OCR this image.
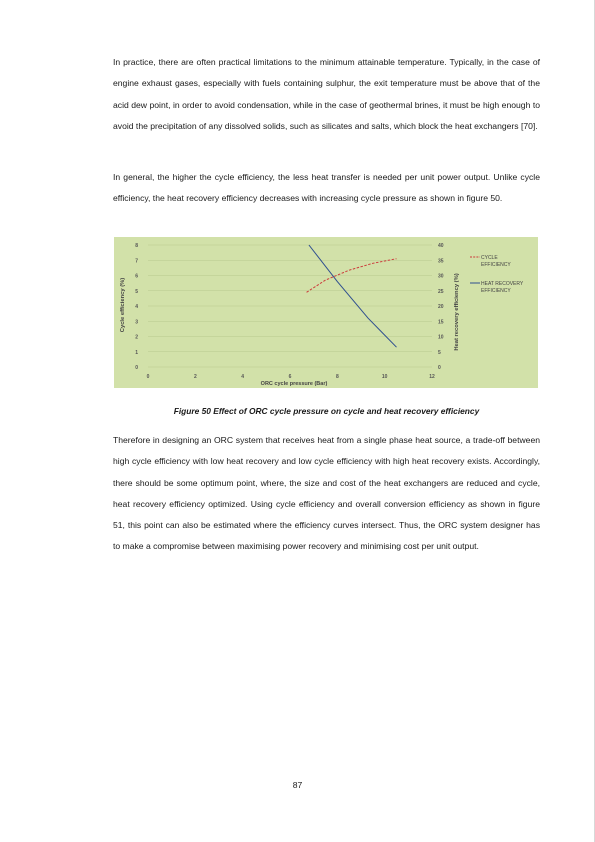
In practice, there are often practical limitations to the minimum attainable temperature. Typically, in the case of engine exhaust gases, especially with fuels containing sulphur, the exit temperature must be above that of the acid dew point, in order to avoid condensation, while in the case of geothermal brines, it must be high enough to avoid the precipitation of any dissolved solids, such as silicates and salts, which block the heat exchangers [70].

In general, the higher the cycle efficiency, the less heat transfer is needed per unit power output. Unlike cycle efficiency, the heat recovery efficiency decreases with increasing cycle pressure as shown in figure 50.

0
1
2
3
4
5
6
7
8
0
5
10
15
20
25
30
35
40
0	2	4	6	8	10	12
ORC cycle pressure (Bar)
Cycle efficiency (%)	Heat recovery efficiency (%)
CYCLE
EFFICIENCY
HEAT RECOVERY
EFFICIENCY

Figure 50 Effect of ORC cycle pressure on cycle and heat recovery efficiency

Therefore in designing an ORC system that receives heat from a single phase heat source, a trade-off between high cycle efficiency with low heat recovery and low cycle efficiency with high heat recovery exists. Accordingly, there should be some optimum point, where, the size and cost of the heat exchangers are reduced and cycle, heat recovery efficiency optimized. Using cycle efficiency and overall conversion efficiency as shown in figure 51, this point can also be estimated where the efficiency curves intersect. Thus, the ORC system designer has to make a compromise between maximising power recovery and minimising cost per unit output.

87
